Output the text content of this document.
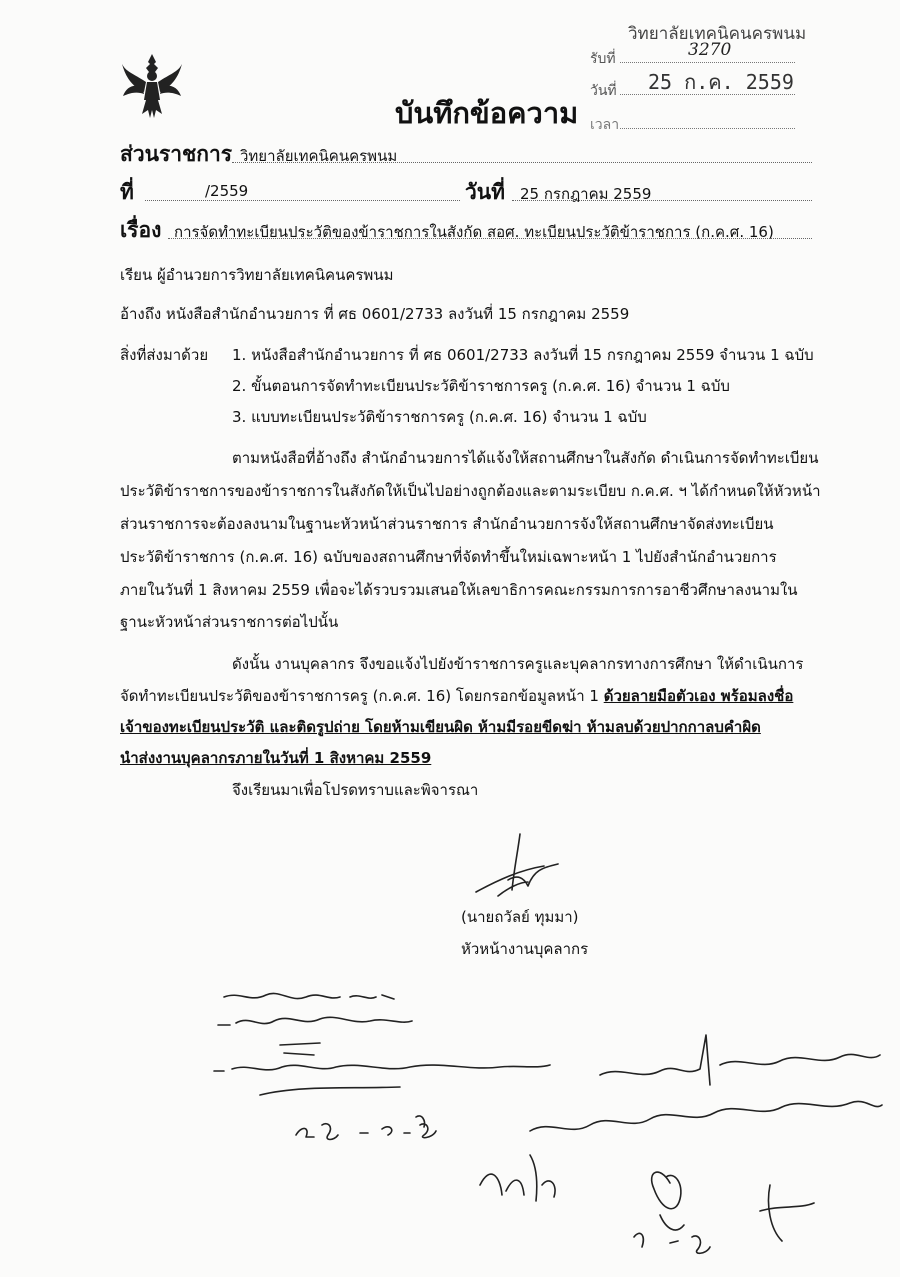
วิทยาลัยเทคนิคนครพนม
รับที่	3270
วันที่ 25 ก.ค. 2559
เวลา
บันทึกข้อความ
ส่วนราชการ วิทยาลัยเทคนิคนครพนม
ที่	/2559	วันที่ 25 กรกฎาคม 2559
เรื่อง การจัดทำทะเบียนประวัติของข้าราชการในสังกัด สอศ. ทะเบียนประวัติข้าราชการ (ก.ค.ศ. 16)
เรียน ผู้อำนวยการวิทยาลัยเทคนิคนครพนม
อ้างถึง หนังสือสำนักอำนวยการ ที่ ศธ 0601/2733 ลงวันที่ 15 กรกฎาคม 2559
สิ่งที่ส่งมาด้วย 1. หนังสือสำนักอำนวยการ ที่ ศธ 0601/2733 ลงวันที่ 15 กรกฎาคม 2559 จำนวน 1 ฉบับ
2. ขั้นตอนการจัดทำทะเบียนประวัติข้าราชการครู (ก.ค.ศ. 16) จำนวน 1 ฉบับ
3. แบบทะเบียนประวัติข้าราชการครู (ก.ค.ศ. 16) จำนวน 1 ฉบับ
ตามหนังสือที่อ้างถึง สำนักอำนวยการได้แจ้งให้สถานศึกษาในสังกัด ดำเนินการจัดทำทะเบียน
ประวัติข้าราชการของข้าราชการในสังกัดให้เป็นไปอย่างถูกต้องและตามระเบียบ ก.ค.ศ. ฯ ได้กำหนดให้หัวหน้า
ส่วนราชการจะต้องลงนามในฐานะหัวหน้าส่วนราชการ สำนักอำนวยการจังให้สถานศึกษาจัดส่งทะเบียน
ประวัติข้าราชการ (ก.ค.ศ. 16) ฉบับของสถานศึกษาที่จัดทำขึ้นใหม่เฉพาะหน้า 1 ไปยังสำนักอำนวยการ
ภายในวันที่ 1 สิงหาคม 2559 เพื่อจะได้รวบรวมเสนอให้เลขาธิการคณะกรรมการการอาชีวศึกษาลงนามใน
ฐานะหัวหน้าส่วนราชการต่อไปนั้น
ดังนั้น งานบุคลากร จึงขอแจ้งไปยังข้าราชการครูและบุคลากรทางการศึกษา ให้ดำเนินการ
จัดทำทะเบียนประวัติของข้าราชการครู (ก.ค.ศ. 16) โดยกรอกข้อมูลหน้า 1 ด้วยลายมือตัวเอง พร้อมลงชื่อ
เจ้าของทะเบียนประวัติ และติดรูปถ่าย โดยห้ามเขียนผิด ห้ามมีรอยขีดฆ่า ห้ามลบด้วยปากกาลบคำผิด
นำส่งงานบุคลากรภายในวันที่ 1 สิงหาคม 2559
จึงเรียนมาเพื่อโปรดทราบและพิจารณา
(นายถวัลย์ ทุมมา)
หัวหน้างานบุคลากร
